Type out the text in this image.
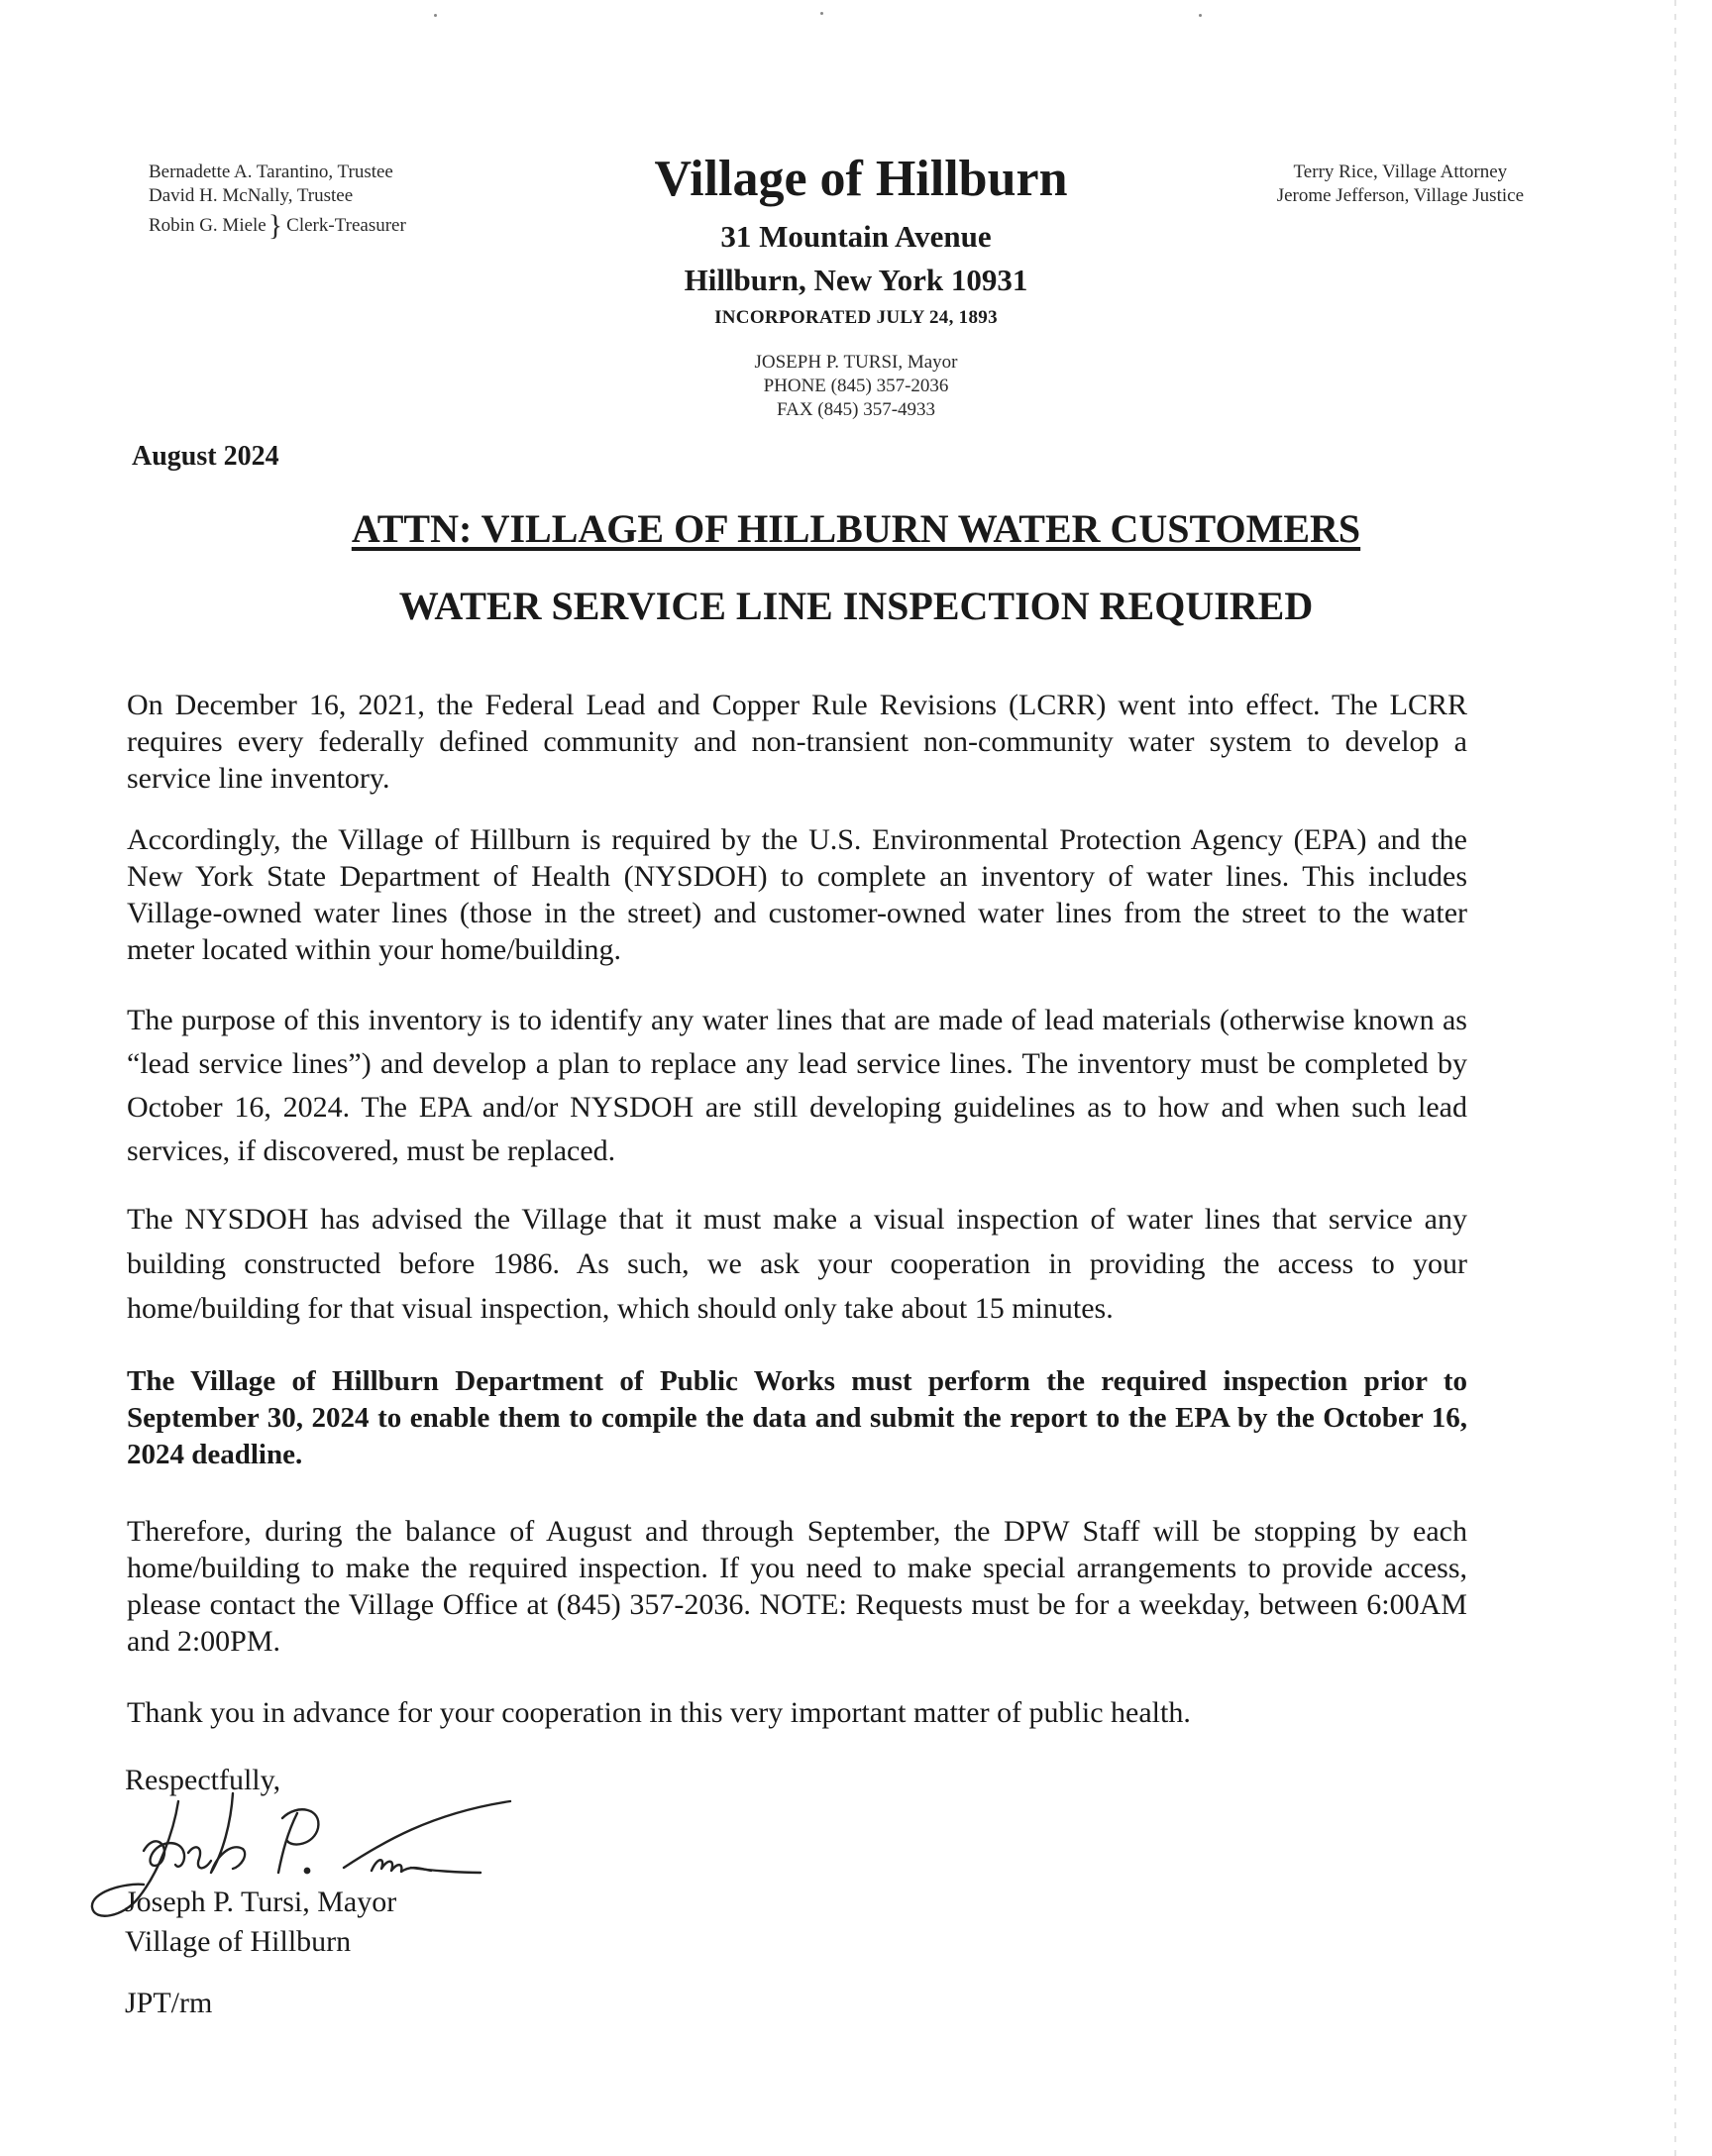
Bernadette A. Tarantino, Trustee
David H. McNally, Trustee
Robin G. Miele} Clerk-Treasurer
Village of Hillburn
31 Mountain Avenue
Hillburn, New York 10931
INCORPORATED JULY 24, 1893
JOSEPH P. TURSI, Mayor
PHONE (845) 357-2036
FAX (845) 357-4933
Terry Rice, Village Attorney
Jerome Jefferson, Village Justice
August 2024
ATTN: VILLAGE OF HILLBURN WATER CUSTOMERS
WATER SERVICE LINE INSPECTION REQUIRED
On December 16, 2021, the Federal Lead and Copper Rule Revisions (LCRR) went into effect. The LCRR requires every federally defined community and non-transient non-community water system to develop a service line inventory.
Accordingly, the Village of Hillburn is required by the U.S. Environmental Protection Agency (EPA) and the New York State Department of Health (NYSDOH) to complete an inventory of water lines. This includes Village-owned water lines (those in the street) and customer-owned water lines from the street to the water meter located within your home/building.
The purpose of this inventory is to identify any water lines that are made of lead materials (otherwise known as “lead service lines”) and develop a plan to replace any lead service lines. The inventory must be completed by October 16, 2024. The EPA and/or NYSDOH are still developing guidelines as to how and when such lead services, if discovered, must be replaced.
The NYSDOH has advised the Village that it must make a visual inspection of water lines that service any building constructed before 1986. As such, we ask your cooperation in providing the access to your home/building for that visual inspection, which should only take about 15 minutes.
The Village of Hillburn Department of Public Works must perform the required inspection prior to September 30, 2024 to enable them to compile the data and submit the report to the EPA by the October 16, 2024 deadline.
Therefore, during the balance of August and through September, the DPW Staff will be stopping by each home/building to make the required inspection. If you need to make special arrangements to provide access, please contact the Village Office at (845) 357-2036. NOTE: Requests must be for a weekday, between 6:00AM and 2:00PM.
Thank you in advance for your cooperation in this very important matter of public health.
Respectfully,
Joseph P. Tursi, Mayor
Village of Hillburn
JPT/rm
